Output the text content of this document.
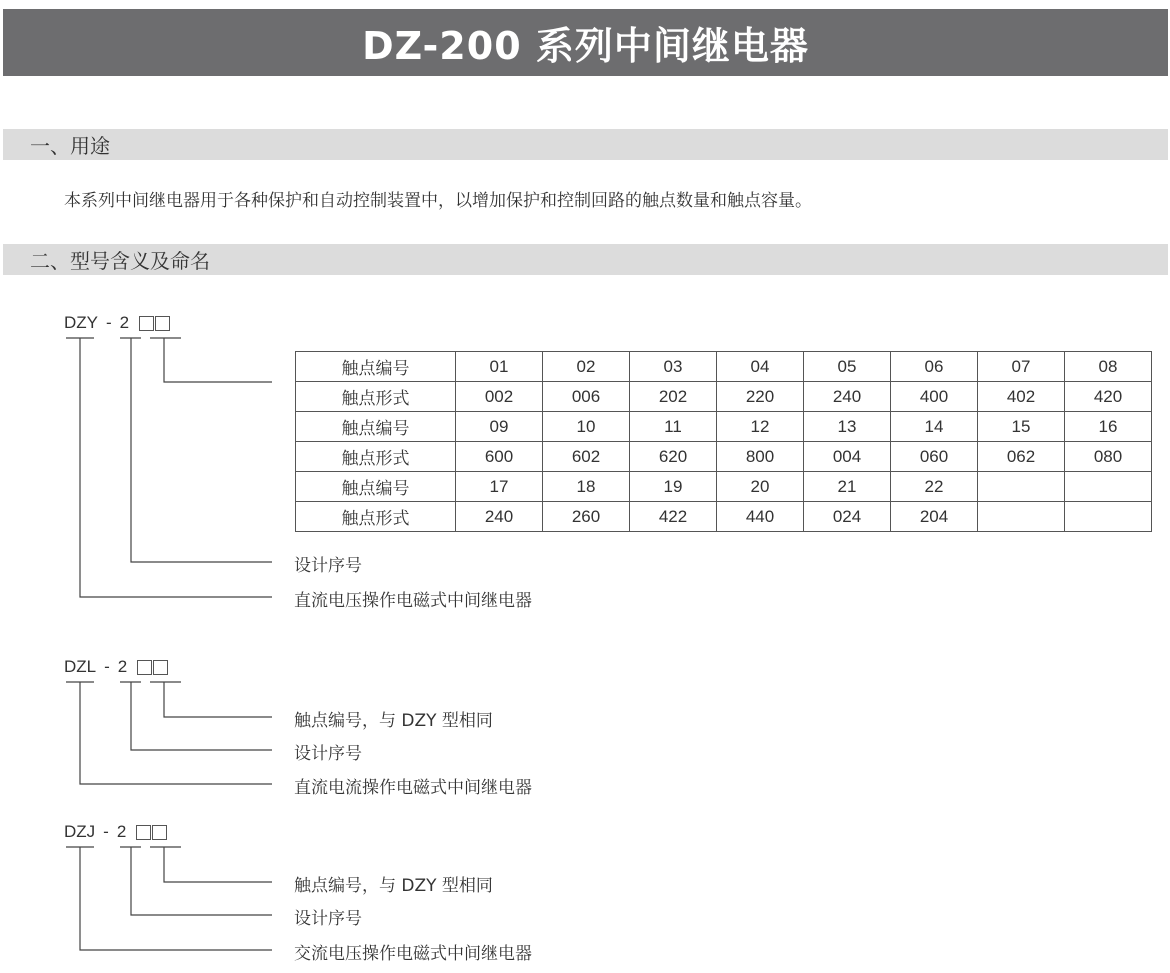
DZ-200 系列中间继电器
一、用途
本系列中间继电器用于各种保护和自动控制装置中，以增加保护和控制回路的触点数量和触点容量。
二、型号含义及命名
DZY - 2
DZL - 2
DZJ - 2
设计序号
直流电压操作电磁式中间继电器
触点编号，与 DZY 型相同
设计序号
直流电流操作电磁式中间继电器
触点编号，与 DZY 型相同
设计序号
交流电压操作电磁式中间继电器
触点编号	01	02	03	04	05	06	07	08
触点形式	002	006	202	220	240	400	402	420
触点编号	09	10	11	12	13	14	15	16
触点形式	600	602	620	800	004	060	062	080
触点编号	17	18	19	20	21	22		
触点形式	240	260	422	440	024	204		
